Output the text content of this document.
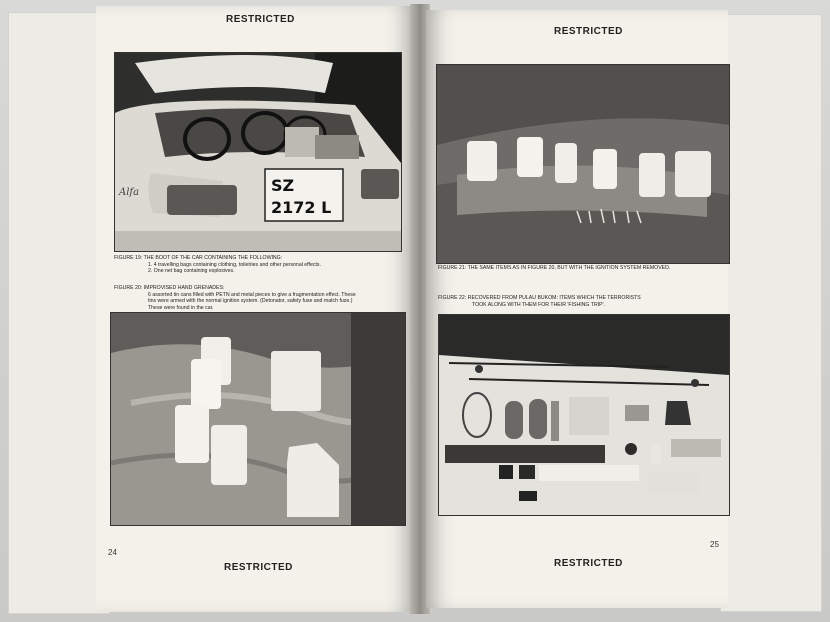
RESTRICTED
Alfa	SZ
2172 L
FIGURE 19: THE BOOT OF THE CAR CONTAINING THE FOLLOWING:
1. 4 travelling bags containing clothing, toiletries and other personal effects.
2. One net bag containing explosives.
FIGURE 20: IMPROVISED HAND GRENADES:
6 assorted tin cans filled with PETN and metal pieces to give a fragmentation effect. These
tins were armed with the normal ignition system. (Detonator, safety fuse and match fuze.)
These were found in the car.
24
RESTRICTED
RESTRICTED
FIGURE 21: THE SAME ITEMS AS IN FIGURE 20, BUT WITH THE IGNITION SYSTEM REMOVED.
FIGURE 22: RECOVERED FROM PULAU BUKOM: ITEMS WHICH THE TERRORISTS
TOOK ALONG WITH THEM FOR THEIR 'FISHING TRIP'.
25
RESTRICTED
